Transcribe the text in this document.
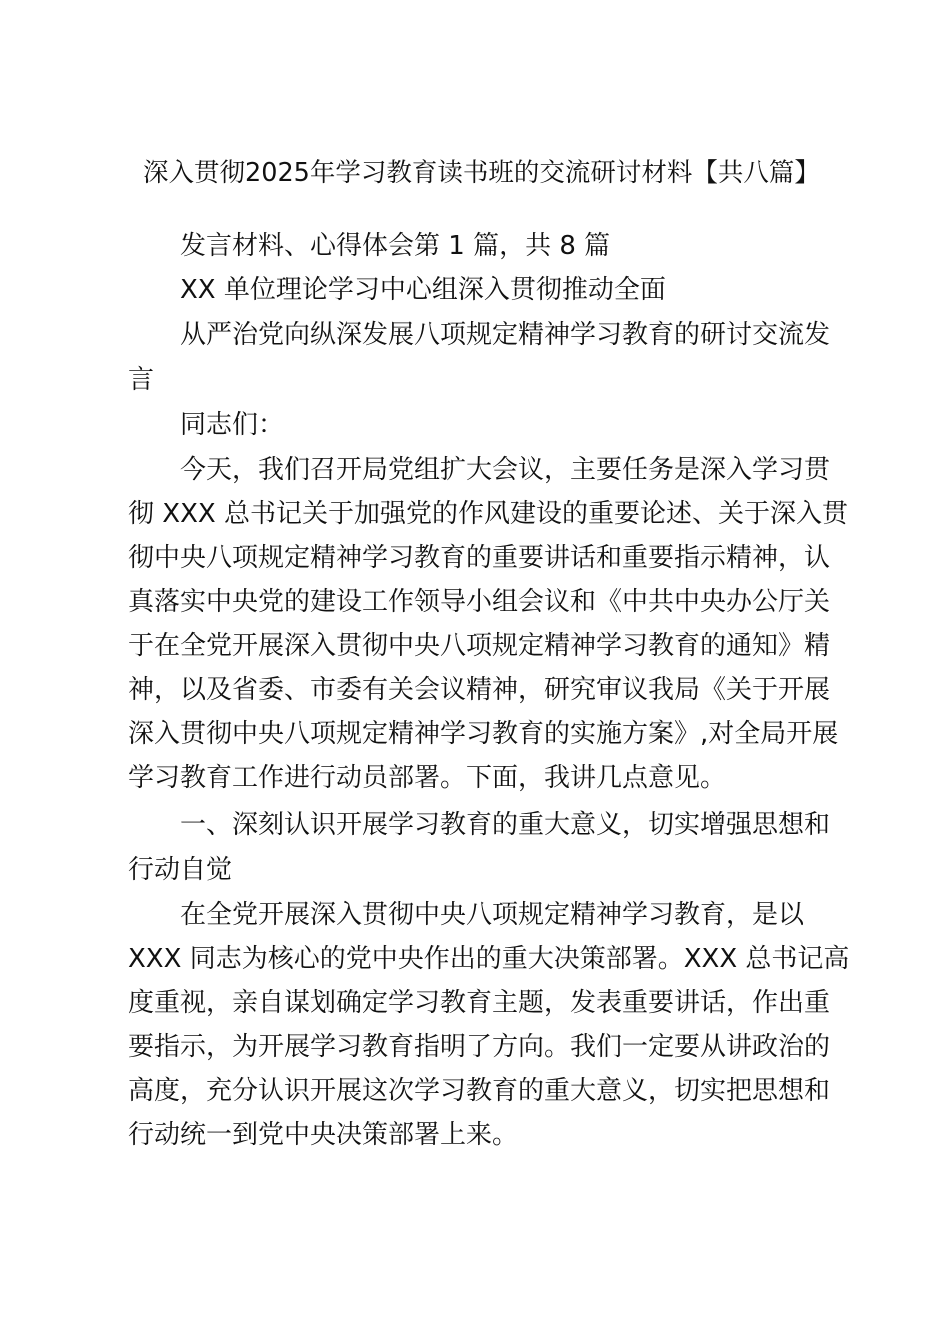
深入贯彻2025年学习教育读书班的交流研讨材料【共八篇】
发言材料、心得体会第 1 篇，共 8 篇
XX 单位理论学习中心组深入贯彻推动全面
从严治党向纵深发展八项规定精神学习教育的研讨交流发
言
同志们：
今天，我们召开局党组扩大会议，主要任务是深入学习贯
彻 XXX 总书记关于加强党的作风建设的重要论述、关于深入贯
彻中央八项规定精神学习教育的重要讲话和重要指示精神，认
真落实中央党的建设工作领导小组会议和《中共中央办公厅关
于在全党开展深入贯彻中央八项规定精神学习教育的通知》精
神，以及省委、市委有关会议精神，研究审议我局《关于开展
深入贯彻中央八项规定精神学习教育的实施方案》,对全局开展
学习教育工作进行动员部署。下面，我讲几点意见。
一、深刻认识开展学习教育的重大意义，切实增强思想和
行动自觉
在全党开展深入贯彻中央八项规定精神学习教育，是以
XXX 同志为核心的党中央作出的重大决策部署。XXX 总书记高
度重视，亲自谋划确定学习教育主题，发表重要讲话，作出重
要指示，为开展学习教育指明了方向。我们一定要从讲政治的
高度，充分认识开展这次学习教育的重大意义，切实把思想和
行动统一到党中央决策部署上来。
